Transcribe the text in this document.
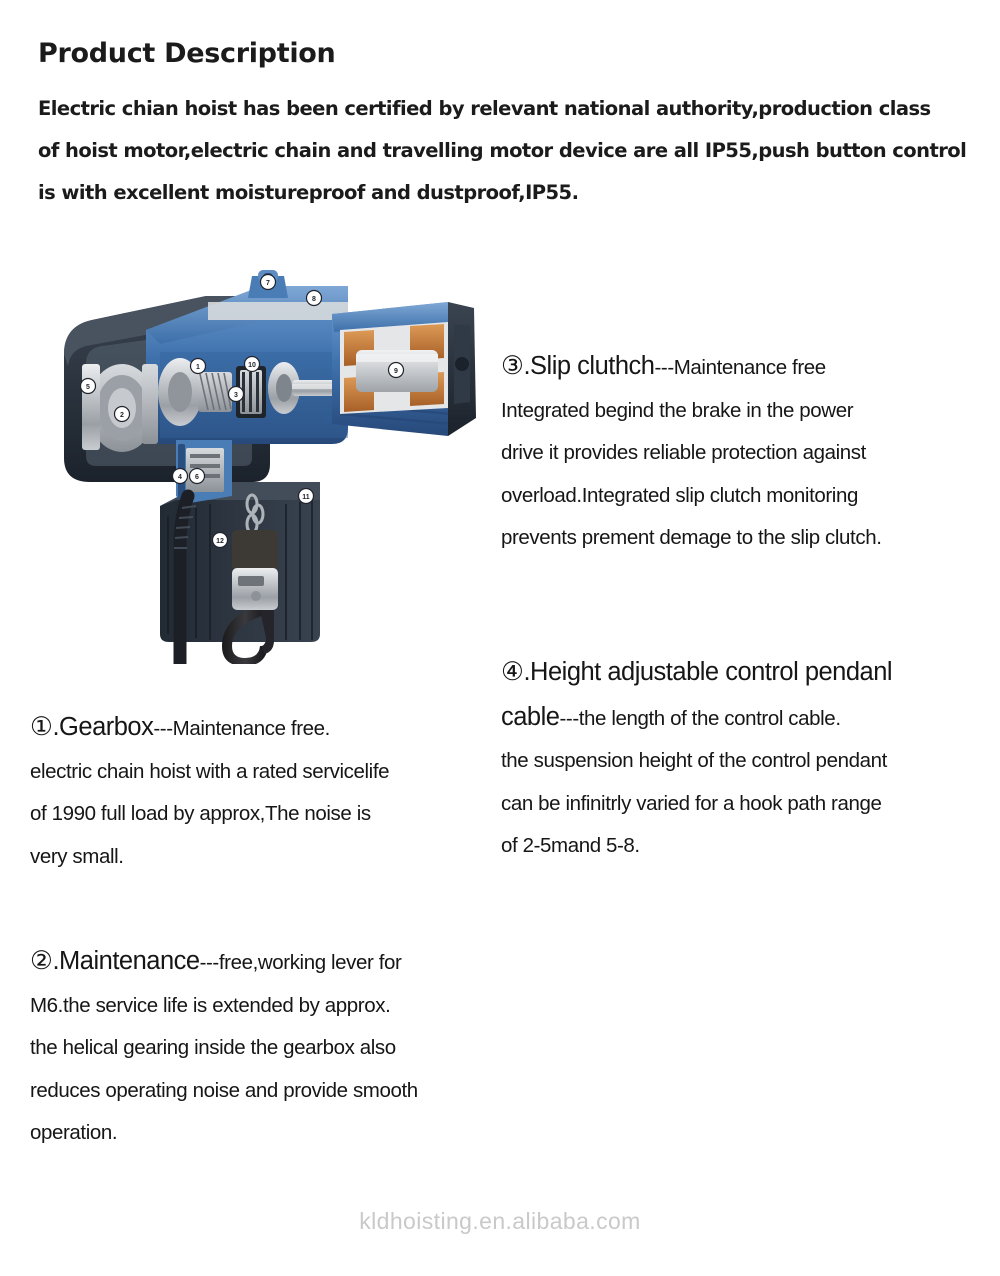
Product Description
Electric chian hoist has been certified by relevant national authority,production class
of hoist motor,electric chain and travelling motor device are all IP55,push button control
is with excellent moistureproof and dustproof,IP55.
5
2
1	10
3
7
8
9
4 6
11
12
①.Gearbox---Maintenance free.
electric chain hoist with a rated servicelife
of 1990 full load by approx,The noise is
very small.
②.Maintenance---free,working lever for
M6.the service life is extended by approx.
the helical gearing inside the gearbox also
reduces operating noise and provide smooth
operation.
③.Slip cluthch---Maintenance free
Integrated begind the brake in the power
drive it provides reliable protection against
overload.Integrated slip clutch monitoring
prevents prement demage to the slip clutch.
④.Height adjustable control pendanl
cable---the length of the control cable.
the suspension height of the control pendant
can be infinitrly varied for a hook path range
of 2-5mand 5-8.
kldhoisting.en.alibaba.com
